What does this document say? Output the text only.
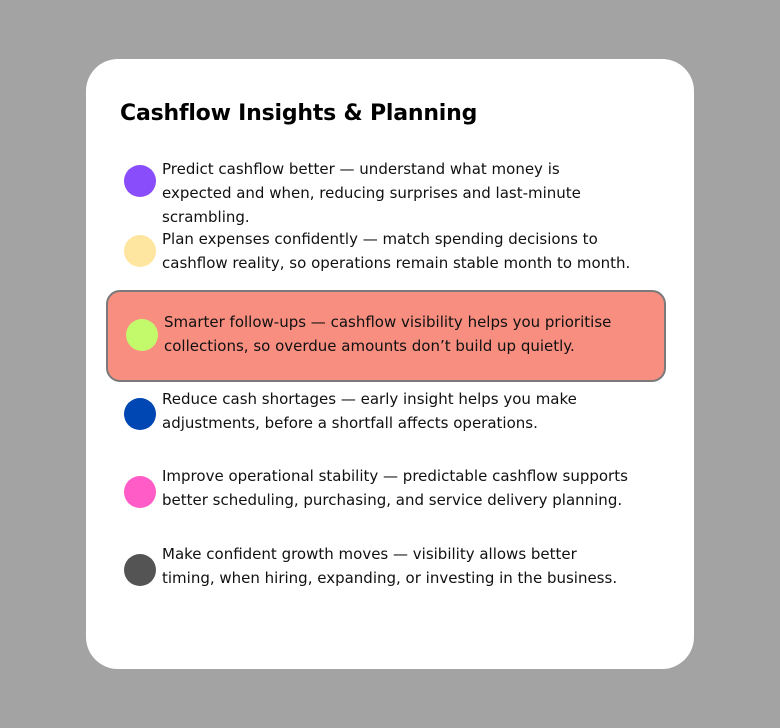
Cashflow Insights & Planning

Predict cashflow better — understand what money is expected and when, reducing surprises and last-minute scrambling.

Plan expenses confidently — match spending decisions to cashflow reality, so operations remain stable month to month.

Smarter follow-ups — cashflow visibility helps you prioritise collections, so overdue amounts don’t build up quietly.

Reduce cash shortages — early insight helps you make adjustments, before a shortfall affects operations.

Improve operational stability — predictable cashflow supports better scheduling, purchasing, and service delivery planning.

Make confident growth moves — visibility allows better timing, when hiring, expanding, or investing in the business.
